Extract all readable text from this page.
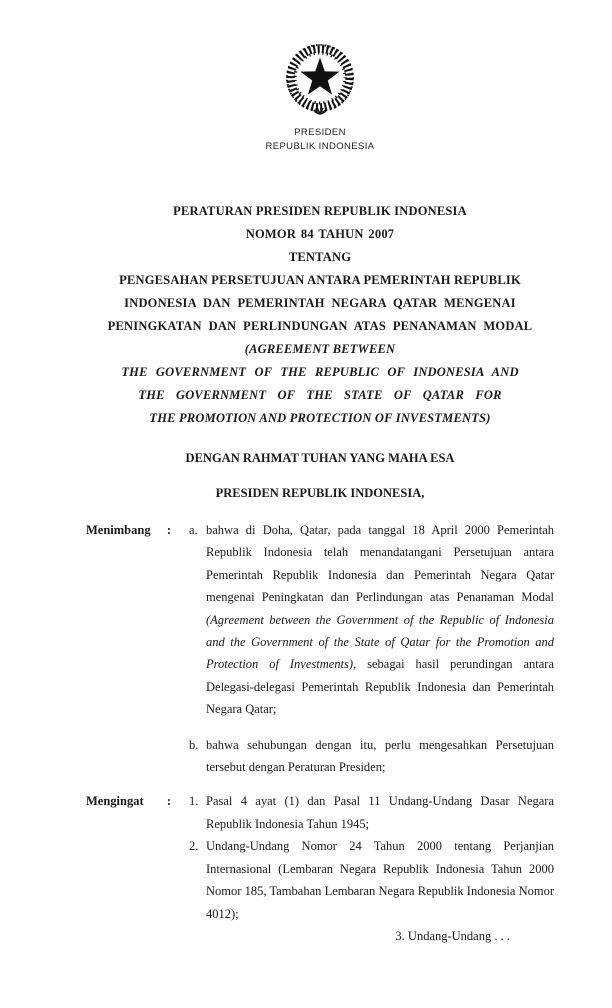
PRESIDEN
REPUBLIK INDONESIA
PERATURAN PRESIDEN REPUBLIK INDONESIA
NOMOR 84 TAHUN 2007
TENTANG
PENGESAHAN PERSETUJUAN ANTARA PEMERINTAH REPUBLIK
INDONESIA DAN PEMERINTAH NEGARA QATAR MENGENAI
PENINGKATAN DAN PERLINDUNGAN ATAS PENANAMAN MODAL
(AGREEMENT BETWEEN
THE GOVERNMENT OF THE REPUBLIC OF INDONESIA AND
THE GOVERNMENT OF THE STATE OF QATAR FOR
THE PROMOTION AND PROTECTION OF INVESTMENTS)
DENGAN RAHMAT TUHAN YANG MAHA ESA
PRESIDEN REPUBLIK INDONESIA,
Menimbang : a. bahwa di Doha, Qatar, pada tanggal 18 April 2000 Pemerintah Republik Indonesia telah menandatangani Persetujuan antara Pemerintah Republik Indonesia dan Pemerintah Negara Qatar mengenai Peningkatan dan Perlindungan atas Penanaman Modal (Agreement between the Government of the Republic of Indonesia and the Government of the State of Qatar for the Promotion and Protection of Investments), sebagai hasil perundingan antara Delegasi-delegasi Pemerintah Republik Indonesia dan Pemerintah Negara Qatar;
b. bahwa sehubungan dengan itu, perlu mengesahkan Persetujuan tersebut dengan Peraturan Presiden;
Mengingat : 1. Pasal 4 ayat (1) dan Pasal 11 Undang-Undang Dasar Negara Republik Indonesia Tahun 1945;
2. Undang-Undang Nomor 24 Tahun 2000 tentang Perjanjian Internasional (Lembaran Negara Republik Indonesia Tahun 2000 Nomor 185, Tambahan Lembaran Negara Republik Indonesia Nomor 4012);
3. Undang-Undang . . .
